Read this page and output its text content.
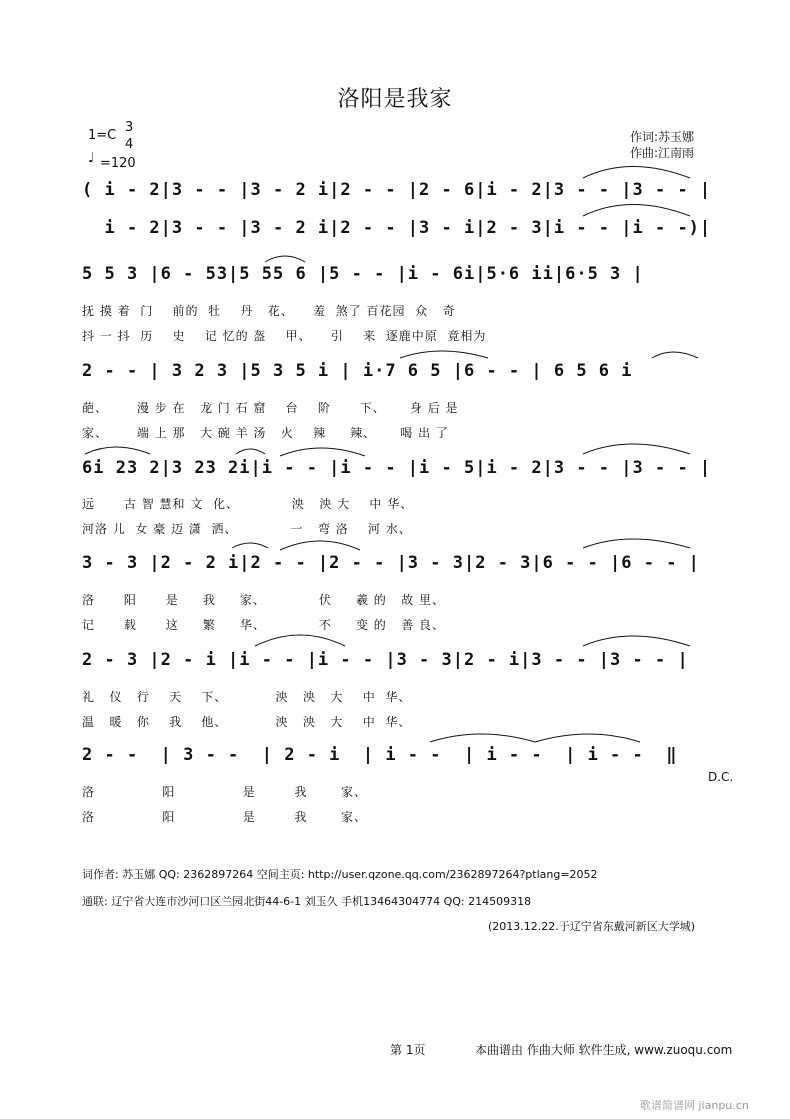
洛阳是我家
1=C
3
4
♩ =120
作词:苏玉娜
作曲:江南雨
( i - 2|3 - - |3 - 2 i|2 - - |2 - 6|i - 2|3 - - |3 - - |
i - 2|3 - - |3 - 2 i|2 - - |3 - i|2 - 3|i - - |i - -)|
5 5 3 |6 - 53|5 55 6 |5 - - |i - 6i|5·6 ii|6·5 3 |
抚 摸 着  门    前的  牡    丹   花、    羞  煞了 百花园  众   奇
抖 一 抖  历    史    记 忆的 盔    甲、    引    来  逐鹿中原  竟相为
2 - - | 3 2 3 |5 3 5 i | i·7 6 5 |6 - - | 6 5 6 i
葩、      漫 步 在   龙 门 石 窟    台    阶      下、     身 后 是
家、      端 上 那   大 碗 羊 汤   火    辣     辣、     喝 出 了
6i 23 2|3 23 2i|i - - |i - - |i - 5|i - 2|3 - - |3 - - |
远      古 智 慧和 文  化、           泱   泱 大    中 华、
河洛 儿  女 豪 迈 潇  洒、           一   弯 洛    河 水、
3 - 3 |2 - 2 i|2 - - |2 - - |3 - 3|2 - 3|6 - - |6 - - |
洛      阳      是     我     家、           伏     羲 的   故 里、
记      载      这     繁     华、           不     变 的   善 良、
2 - 3 |2 - i |i - - |i - - |3 - 3|2 - i|3 - - |3 - - |
礼   仪   行    天    下、          泱   泱   大    中  华、
温   暖   你    我    他、          泱   泱   大    中  华、
2 - -  | 3 - -  | 2 - i  | i - -  | i - -  | i - -  ‖
D.C.
洛              阳              是        我       家、
洛              阳              是        我       家、
词作者: 苏玉娜 QQ: 2362897264 空间主页: http://user.qzone.qq.com/2362897264?ptlang=2052
通联: 辽宁省大连市沙河口区兰园北街44-6-1 刘玉久 手机13464304774 QQ: 214509318
(2013.12.22.于辽宁省东戴河新区大学城)
第 1页	本曲谱由 作曲大师 软件生成, www.zuoqu.com
歌谱简谱网 jianpu.cn
